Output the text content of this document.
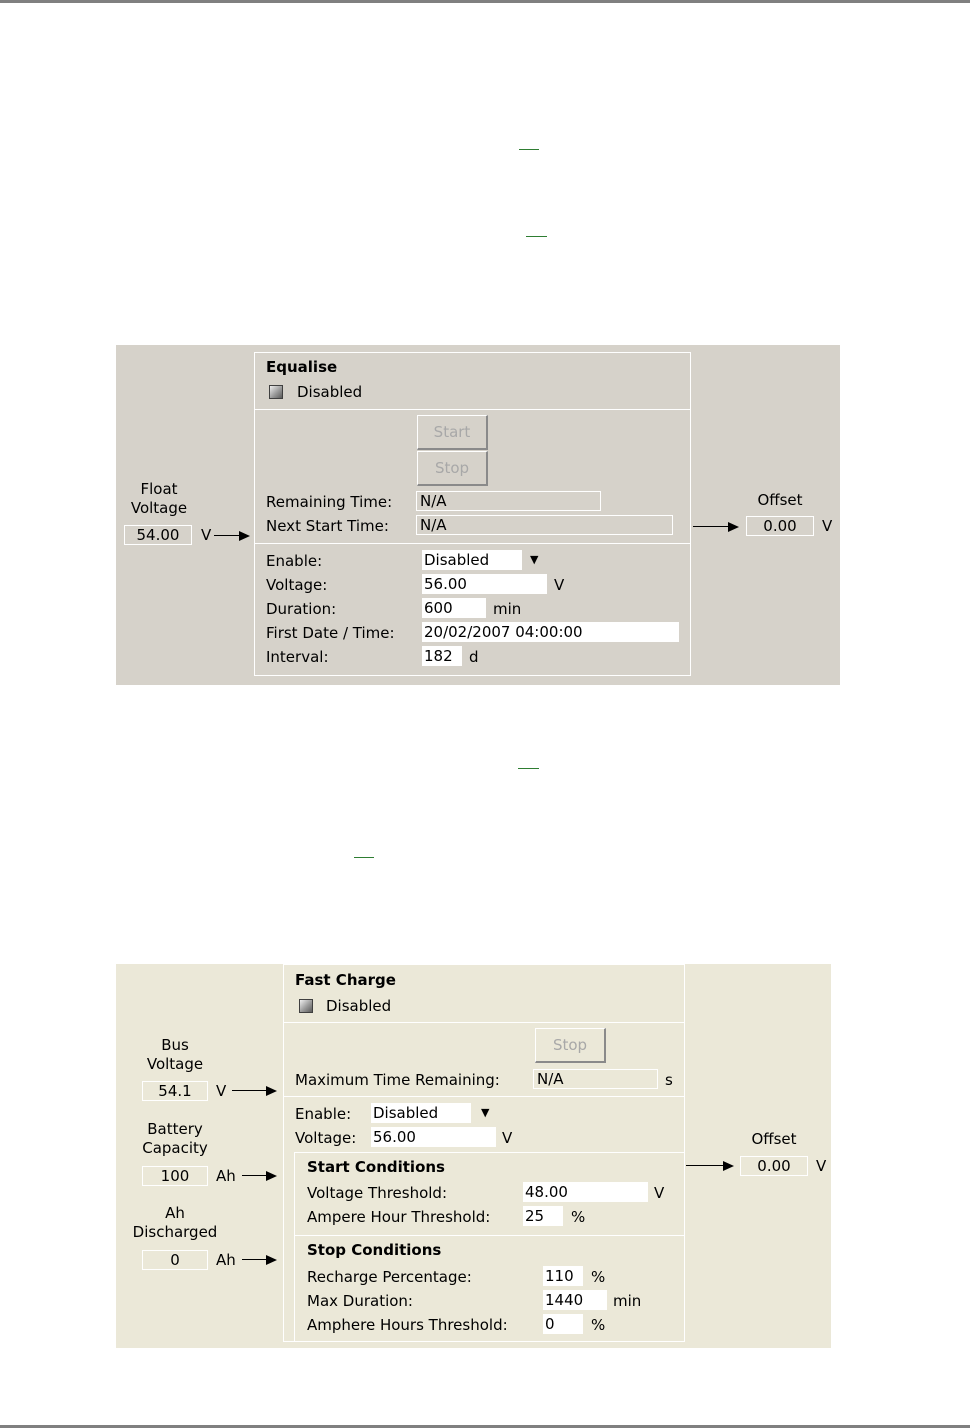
Float
Voltage
54.00	V
Equalise
Disabled
Start
Stop
Remaining Time: N/A
Next Start Time: N/A
Enable:	Disabled	▼
Voltage:	56.00	V
Duration:	600	min
First Date / Time: 20/02/2007 04:00:00
Interval:	182	d
Offset
0.00	V
Bus
Voltage
54.1	V
Battery
Capacity
100	Ah
Ah
Discharged
0	Ah
Fast Charge
Disabled
Stop
Maximum Time Remaining: N/A	s
Enable: Disabled	▼
Voltage: 56.00	V
Start Conditions
Voltage Threshold:	48.00	V
Ampere Hour Threshold: 25	%
Stop Conditions
Recharge Percentage:	110	%
Max Duration:	1440	min
Amphere Hours Threshold: 0	%
Offset
0.00	V
